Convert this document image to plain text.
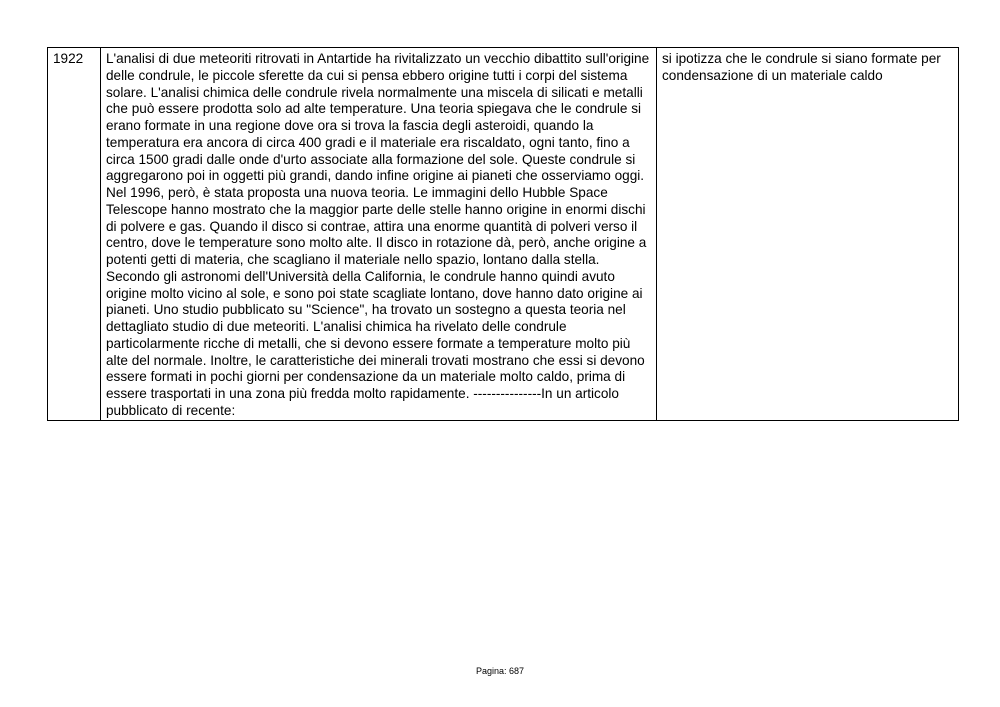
1922	L'analisi di due meteoriti ritrovati in Antartide ha rivitalizzato un vecchio dibattito sull'origine delle condrule, le piccole sferette da cui si pensa ebbero origine tutti i corpi del sistema solare. L'analisi chimica delle condrule rivela normalmente una miscela di silicati e metalli che può essere prodotta solo ad alte temperature. Una teoria spiegava che le condrule si erano formate in una regione dove ora si trova la fascia degli asteroidi, quando la temperatura era ancora di circa 400 gradi e il materiale era riscaldato, ogni tanto, fino a circa 1500 gradi dalle onde d'urto associate alla formazione del sole. Queste condrule si aggregarono poi in oggetti più grandi, dando infine origine ai pianeti che osserviamo oggi. Nel 1996, però, è stata proposta una nuova teoria. Le immagini dello Hubble Space Telescope hanno mostrato che la maggior parte delle stelle hanno origine in enormi dischi di polvere e gas. Quando il disco si contrae, attira una enorme quantità di polveri verso il centro, dove le temperature sono molto alte. Il disco in rotazione dà, però, anche origine a potenti getti di materia, che scagliano il materiale nello spazio, lontano dalla stella. Secondo gli astronomi dell'Università della California, le condrule hanno quindi avuto origine molto vicino al sole, e sono poi state scagliate lontano, dove hanno dato origine ai pianeti. Uno studio pubblicato su "Science", ha trovato un sostegno a questa teoria nel dettagliato studio di due meteoriti. L'analisi chimica ha rivelato delle condrule particolarmente ricche di metalli, che si devono essere formate a temperature molto più alte del normale. Inoltre, le caratteristiche dei minerali trovati mostrano che essi si devono essere formati in pochi giorni per condensazione da un materiale molto caldo, prima di essere trasportati in una zona più fredda molto rapidamente. ---------------In un articolo pubblicato di recente:	si ipotizza che le condrule si siano formate per condensazione di un materiale caldo
Pagina: 687
